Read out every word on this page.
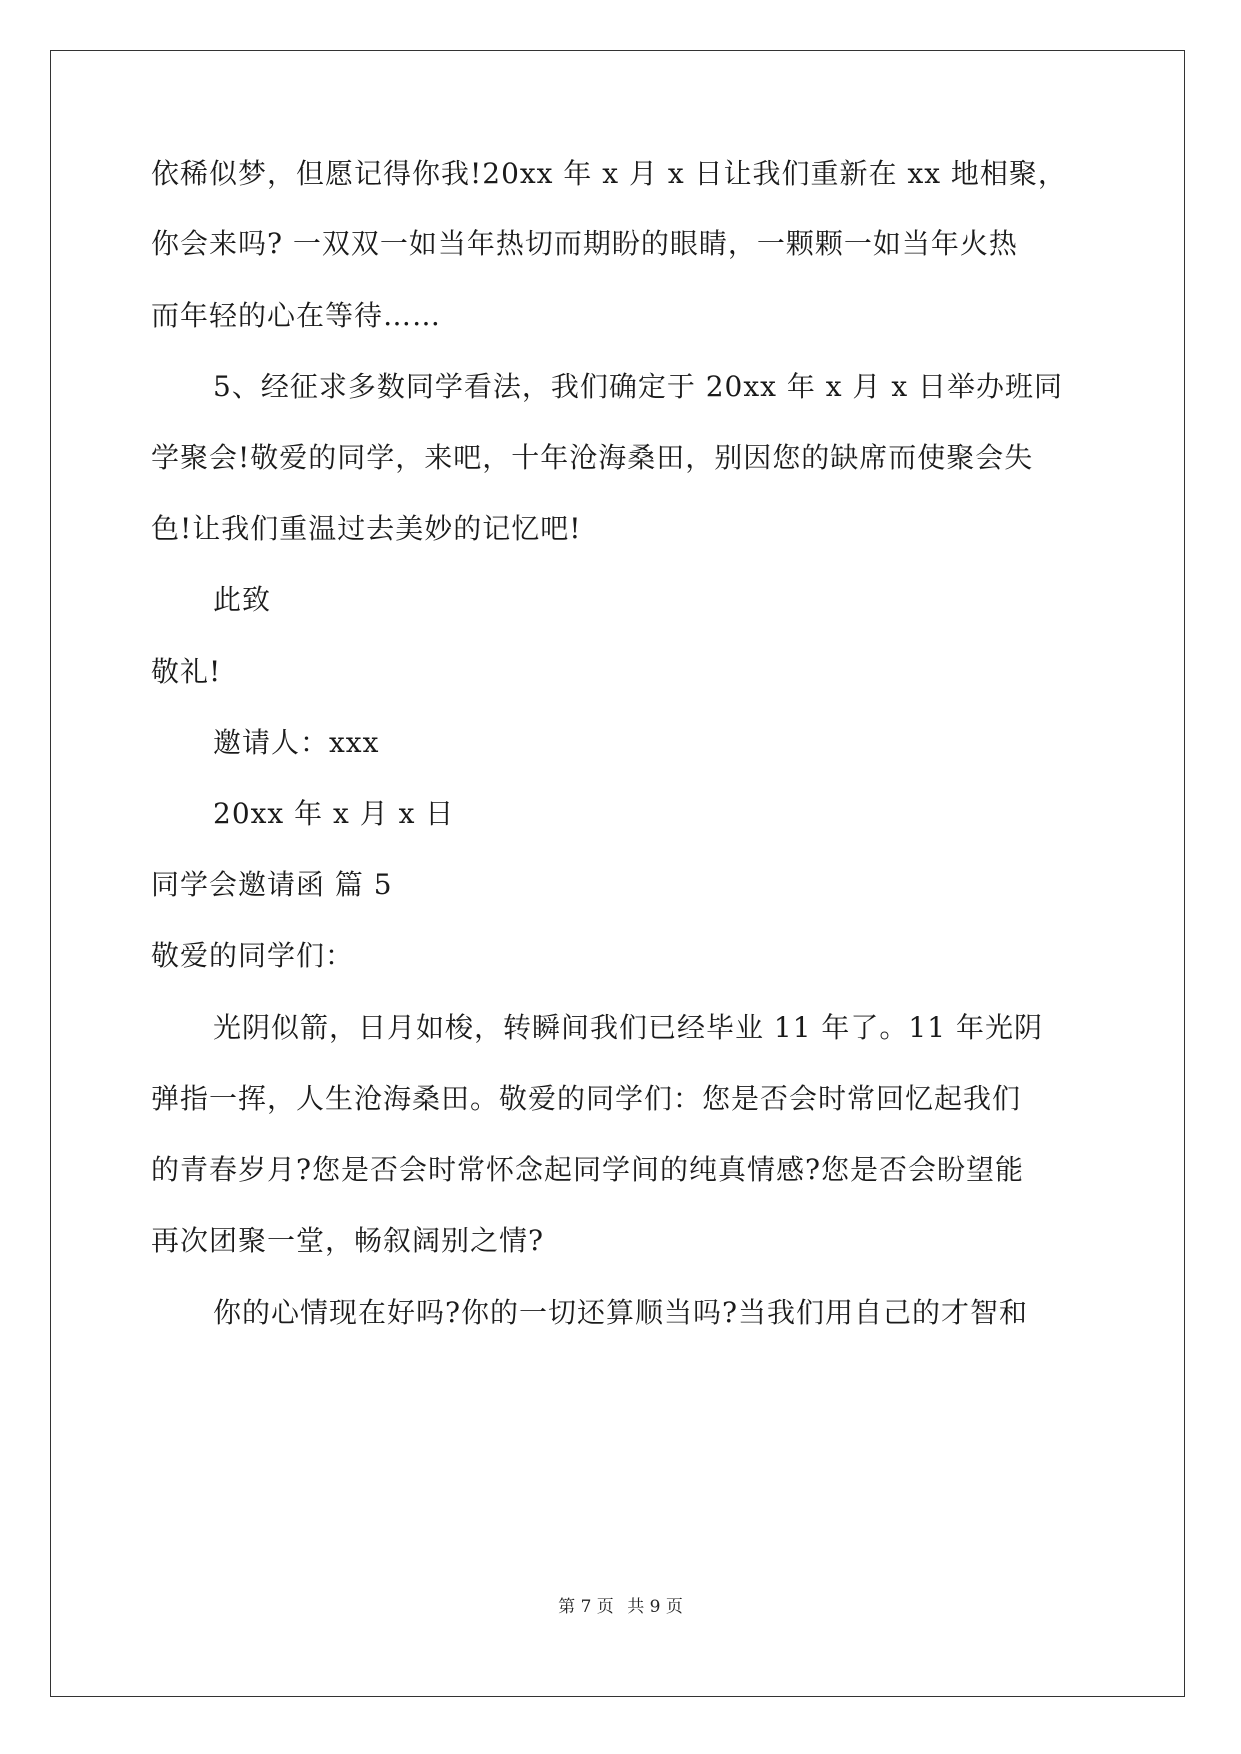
依稀似梦，但愿记得你我!20xx 年 x 月 x 日让我们重新在 xx 地相聚，
你会来吗? 一双双一如当年热切而期盼的眼睛，一颗颗一如当年火热
而年轻的心在等待……
5、经征求多数同学看法，我们确定于 20xx 年 x 月 x 日举办班同
学聚会!敬爱的同学，来吧，十年沧海桑田，别因您的缺席而使聚会失
色!让我们重温过去美妙的记忆吧!
此致
敬礼!
邀请人：xxx
20xx 年 x 月 x 日
同学会邀请函 篇 5
敬爱的同学们：
光阴似箭，日月如梭，转瞬间我们已经毕业 11 年了。11 年光阴
弹指一挥，人生沧海桑田。敬爱的同学们：您是否会时常回忆起我们
的青春岁月?您是否会时常怀念起同学间的纯真情感?您是否会盼望能
再次团聚一堂，畅叙阔别之情?
你的心情现在好吗?你的一切还算顺当吗?当我们用自己的才智和
第 7 页 共 9 页
